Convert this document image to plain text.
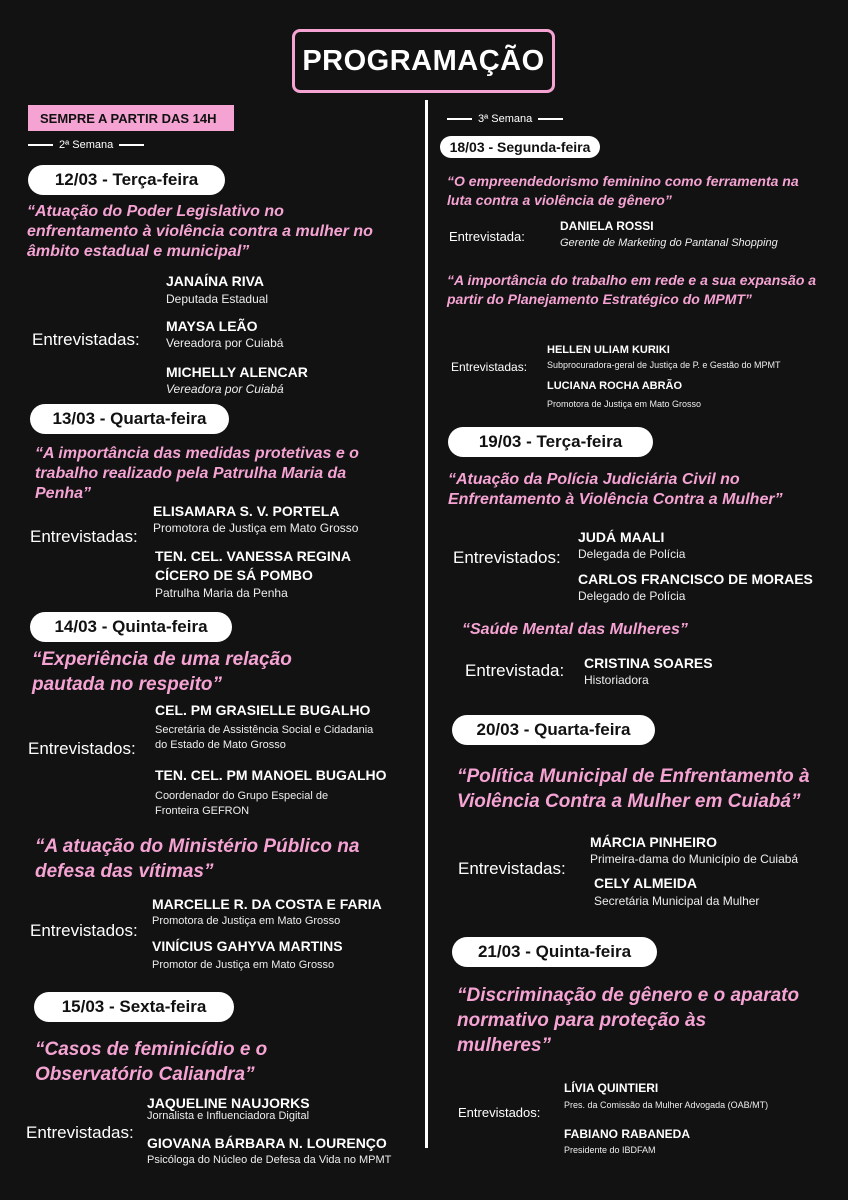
PROGRAMAÇÃO
SEMPRE A PARTIR DAS 14H
2ª Semana
12/03 - Terça-feira
“Atuação do Poder Legislativo no enfrentamento à violência contra a mulher no âmbito estadual e municipal”
Entrevistadas:
JANAÍNA RIVA
Deputada Estadual
MAYSA LEÃO
Vereadora por Cuiabá
MICHELLY ALENCAR
Vereadora por Cuiabá
13/03 - Quarta-feira
“A importância das medidas protetivas e o trabalho realizado pela Patrulha Maria da Penha”
Entrevistadas:
ELISAMARA S. V. PORTELA
Promotora de Justiça em Mato Grosso
TEN. CEL. VANESSA REGINA CÍCERO DE SÁ POMBO
Patrulha Maria da Penha
14/03 - Quinta-feira
“Experiência de uma relação pautada no respeito”
Entrevistados:
CEL. PM GRASIELLE BUGALHO
Secretária de Assistência Social e Cidadania do Estado de Mato Grosso
TEN. CEL. PM MANOEL BUGALHO
Coordenador do Grupo Especial de Fronteira GEFRON
“A atuação do Ministério Público na defesa das vítimas”
Entrevistados:
MARCELLE R. DA COSTA E FARIA
Promotora de Justiça em Mato Grosso
VINÍCIUS GAHYVA MARTINS
Promotor de Justiça em Mato Grosso
15/03 - Sexta-feira
“Casos de feminicídio e o Observatório Caliandra”
Entrevistadas:
JAQUELINE NAUJORKS
Jornalista e Influenciadora Digital
GIOVANA BÁRBARA N. LOURENÇO
Psicóloga do Núcleo de Defesa da Vida no MPMT
3ª Semana
18/03 - Segunda-feira
“O empreendedorismo feminino como ferramenta na luta contra a violência de gênero”
Entrevistada:
DANIELA ROSSI
Gerente de Marketing do Pantanal Shopping
“A importância do trabalho em rede e a sua expansão a partir do Planejamento Estratégico do MPMT”
Entrevistadas:
HELLEN ULIAM KURIKI
Subprocuradora-geral de Justiça de P. e Gestão do MPMT
LUCIANA ROCHA ABRÃO
Promotora de Justiça em Mato Grosso
19/03 - Terça-feira
“Atuação da Polícia Judiciária Civil no Enfrentamento à Violência Contra a Mulher”
Entrevistados:
JUDÁ MAALI
Delegada de Polícia
CARLOS FRANCISCO DE MORAES
Delegado de Polícia
“Saúde Mental das Mulheres”
Entrevistada: CRISTINA SOARES
Historiadora
20/03 - Quarta-feira
“Política Municipal de Enfrentamento à Violência Contra a Mulher em Cuiabá”
Entrevistadas:
MÁRCIA PINHEIRO
Primeira-dama do Município de Cuiabá
CELY ALMEIDA
Secretária Municipal da Mulher
21/03 - Quinta-feira
“Discriminação de gênero e o aparato normativo para proteção às mulheres”
Entrevistados:
LÍVIA QUINTIERI
Pres. da Comissão da Mulher Advogada (OAB/MT)
FABIANO RABANEDA
Presidente do IBDFAM
